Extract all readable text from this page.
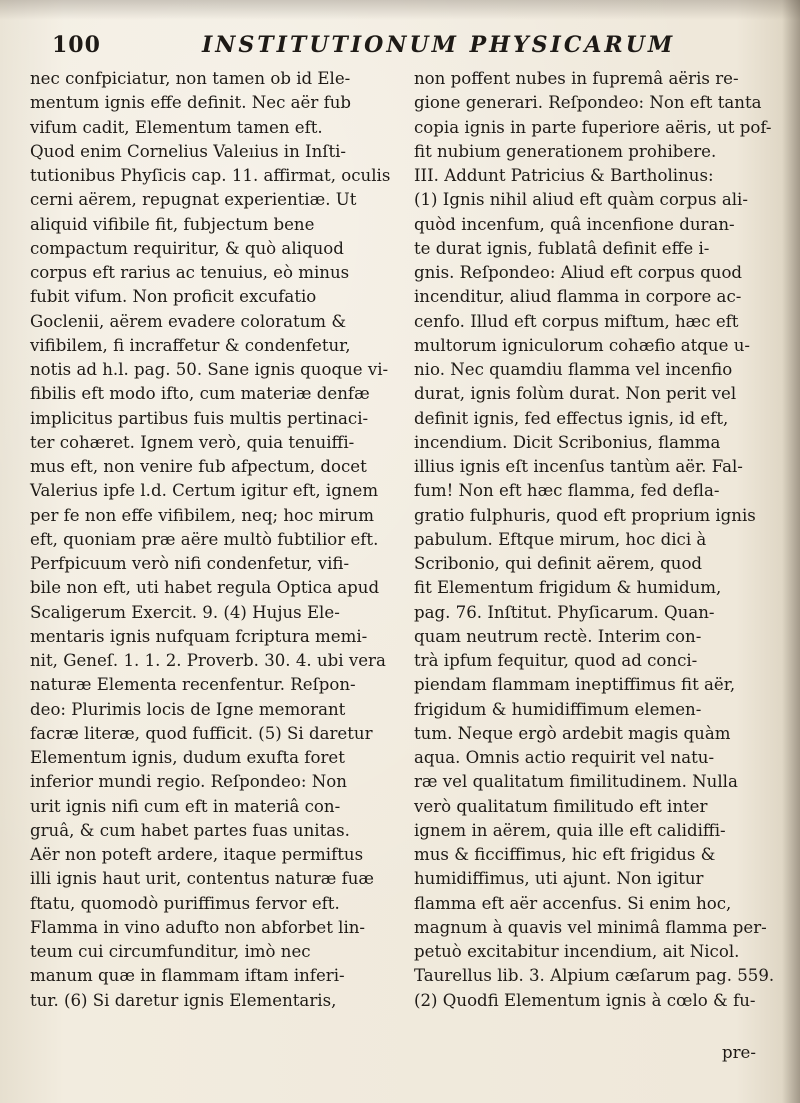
100	INSTITUTIONUM PHYSICARUM
nec confpiciatur, non tamen ob id Ele-
mentum ignis effe definit. Nec aër fub
vifum cadit, Elementum tamen eft.
Quod enim Cornelius Valeıius in Inſti-
tutionibus Phyſicis cap. 11. affirmat, oculis
cerni aërem, repugnat experientiæ. Ut
aliquid vifibile fit, fubjectum bene
compactum requiritur, & quò aliquod
corpus eft rarius ac tenuius, eò minus
fubit vifum. Non proficit excufatio
Goclenii, aërem evadere coloratum &
vifibilem, fi incraffetur & condenfetur,
notis ad h.l. pag. 50. Sane ignis quoque vi-
fibilis eft modo ifto, cum materiæ denfæ
implicitus partibus fuis multis pertinaci-
ter cohæret. Ignem verò, quia tenuiffi-
mus eft, non venire fub afpectum, docet
Valerius ipfe l.d. Certum igitur eft, ignem
per fe non effe vifibilem, neq; hoc mirum
eft, quoniam præ aëre multò fubtilior eft.
Perfpicuum verò nifi condenfetur, vifi-
bile non eft, uti habet regula Optica apud
Scaligerum Exercit. 9. (4) Hujus Ele-
mentaris ignis nufquam fcriptura memi-
nit, Geneſ. 1. 1. 2. Proverb. 30. 4. ubi vera
naturæ Elementa recenfentur. Reſpon-
deo: Plurimis locis de Igne memorant
facræ literæ, quod fufficit. (5) Si daretur
Elementum ignis, dudum exufta foret
inferior mundi regio. Reſpondeo: Non
urit ignis nifi cum eft in materiâ con-
gruâ, & cum habet partes fuas unitas.
Aër non poteft ardere, itaque permiftus
illi ignis haut urit, contentus naturæ fuæ
ftatu, quomodò puriffimus fervor eft.
Flamma in vino adufto non abforbet lin-
teum cui circumfunditur, imò nec
manum quæ in flammam iftam inferi-
tur. (6) Si daretur ignis Elementaris,
non poffent nubes in fupremâ aëris re-
gione generari. Reſpondeo: Non eft tanta
copia ignis in parte fuperiore aëris, ut pof-
fit nubium generationem prohibere.
III. Addunt Patricius & Bartholinus:
(1) Ignis nihil aliud eft quàm corpus ali-
quòd incenfum, quâ incenfione duran-
te durat ignis, fublatâ definit effe i-
gnis. Reſpondeo: Aliud eft corpus quod
incenditur, aliud flamma in corpore ac-
cenfo. Illud eft corpus miftum, hæc eft
multorum igniculorum cohæfio atque u-
nio. Nec quamdiu flamma vel incenfio
durat, ignis folùm durat. Non perit vel
definit ignis, fed effectus ignis, id eft,
incendium. Dicit Scribonius, flamma
illius ignis eſt incenſus tantùm aër. Fal-
fum! Non eft hæc flamma, fed defla-
gratio fulphuris, quod eft proprium ignis
pabulum. Eftque mirum, hoc dici à
Scribonio, qui definit aërem, quod
fit Elementum frigidum & humidum,
pag. 76. Inſtitut. Phyſicarum. Quan-
quam neutrum rectè. Interim con-
trà ipfum fequitur, quod ad conci-
piendam flammam ineptiffimus fit aër,
frigidum & humidiffimum elemen-
tum. Neque ergò ardebit magis quàm
aqua. Omnis actio requirit vel natu-
ræ vel qualitatum fimilitudinem. Nulla
verò qualitatum fimilitudo eft inter
ignem in aërem, quia ille eft calidiffi-
mus & ficciffimus, hic eft frigidus &
humidiffimus, uti ajunt. Non igitur
flamma eft aër accenfus. Si enim hoc,
magnum à quavis vel minimâ flamma per-
petuò excitabitur incendium, ait Nicol.
Taurellus lib. 3. Alpium cæſarum pag. 559.
(2) Quodfi Elementum ignis à cœlo & fu-
pre-
